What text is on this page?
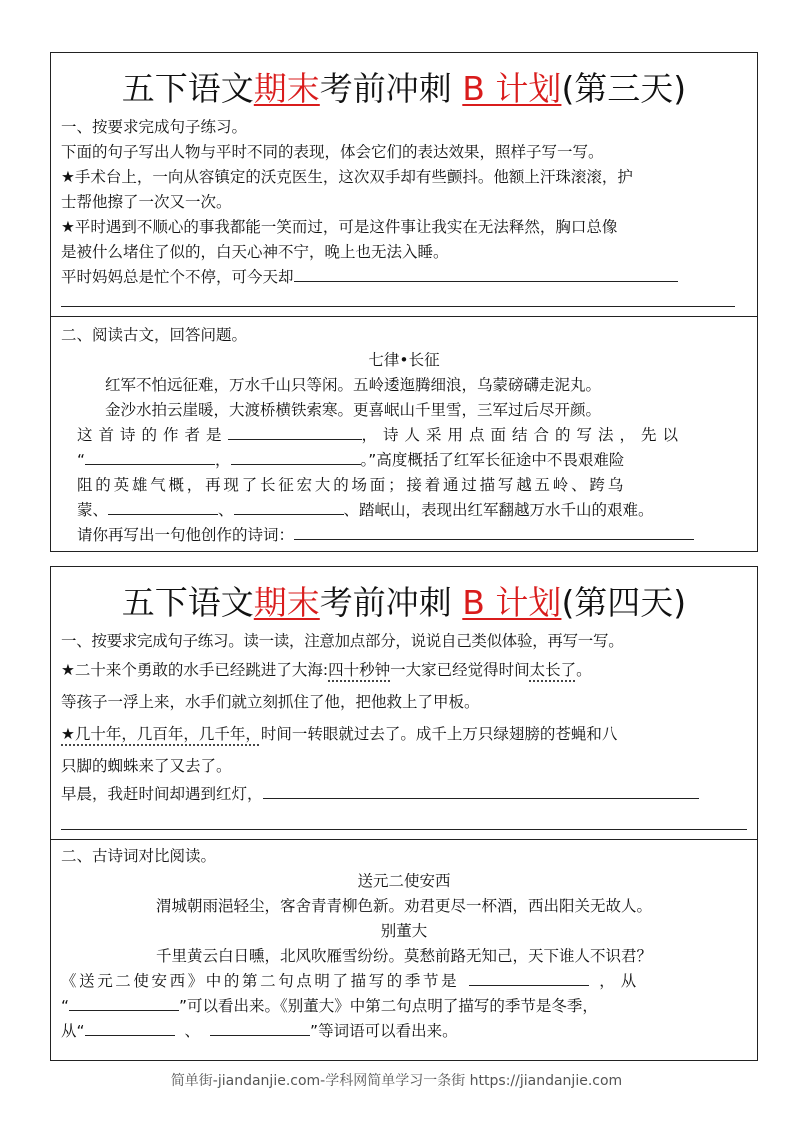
五下语文期末考前冲刺 B 计划(第三天)
一、按要求完成句子练习。
下面的句子写出人物与平时不同的表现，体会它们的表达效果，照样子写一写。
★手术台上，一向从容镇定的沃克医生，这次双手却有些颤抖。他额上汗珠滚滚，护
士帮他擦了一次又一次。
★平时遇到不顺心的事我都能一笑而过，可是这件事让我实在无法释然，胸口总像
是被什么堵住了似的，白天心神不宁，晚上也无法入睡。
平时妈妈总是忙个不停，可今天却
二、阅读古文，回答问题。
七律•长征
红军不怕远征难，万水千山只等闲。五岭逶迤腾细浪，乌蒙磅礴走泥丸。
金沙水拍云崖暖，大渡桥横铁索寒。更喜岷山千里雪，三军过后尽开颜。
这首诗的作者是	，诗人采用点面结合的写法，先以
“	，	。”高度概括了红军长征途中不畏艰难险
阻的英雄气概，再现了长征宏大的场面；接着通过描写越五岭、跨乌
蒙、	、	、踏岷山，表现出红军翻越万水千山的艰难。
请你再写出一句他创作的诗词：
五下语文期末考前冲刺 B 计划(第四天)
一、按要求完成句子练习。读一读，注意加点部分，说说自己类似体验，再写一写。
★二十来个勇敢的水手已经跳进了大海:四十秒钟一大家已经觉得时间太长了。
等孩子一浮上来，水手们就立刻抓住了他，把他救上了甲板。
★几十年，几百年，几千年，时间一转眼就过去了。成千上万只绿翅膀的苍蝇和八
只脚的蜘蛛来了又去了。
早晨，我赶时间却遇到红灯，
二、古诗词对比阅读。
送元二使安西
渭城朝雨浥轻尘，客舍青青柳色新。劝君更尽一杯酒，西出阳关无故人。
别董大
千里黄云白日曛，北风吹雁雪纷纷。莫愁前路无知己，天下谁人不识君？
《送元二使安西》中的第二句点明了描写的季节是	，从
“	”可以看出来。《别董大》中第二句点明了描写的季节是冬季，
从“	、	”等词语可以看出来。
简单街-jiandanjie.com-学科网简单学习一条街 https://jiandanjie.com
